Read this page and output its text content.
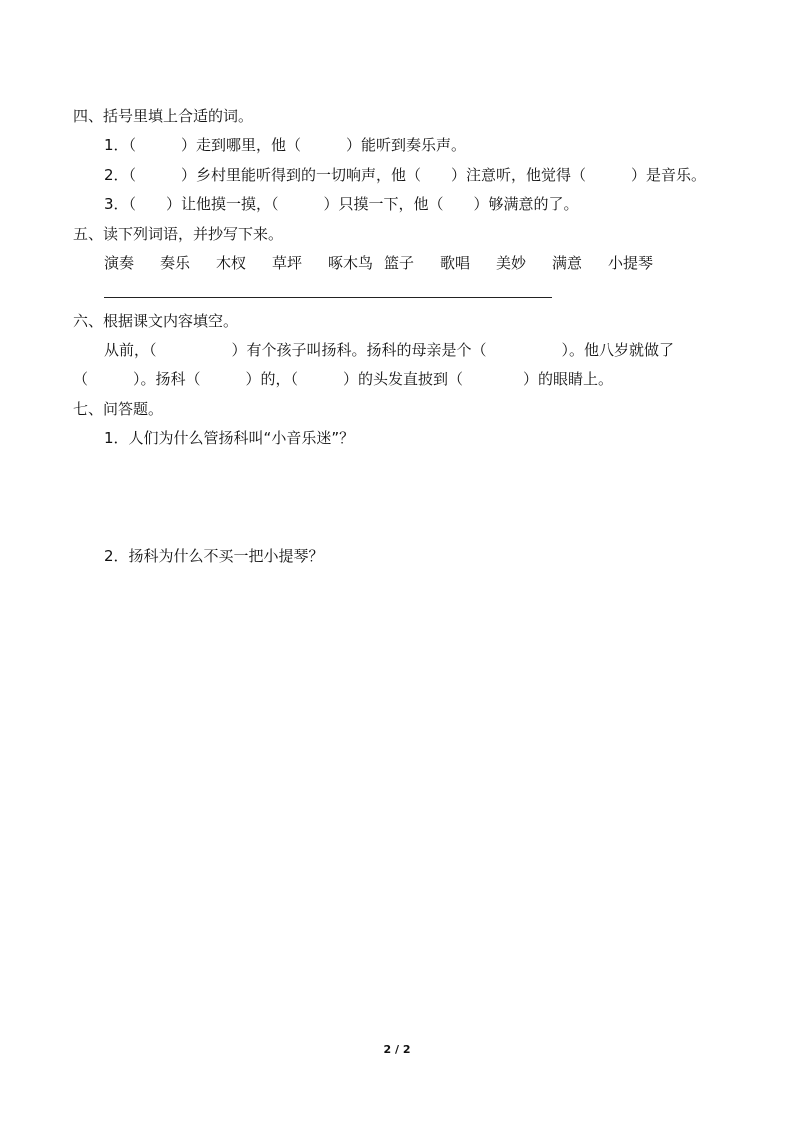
四、括号里填上合适的词。
1．（　　　）走到哪里，他（　　　）能听到奏乐声。
2．（　　　）乡村里能听得到的一切响声，他（　　）注意听，他觉得（　　　）是音乐。
3．（　　）让他摸一摸，（　　　）只摸一下，他（　　）够满意的了。
五、读下列词语，并抄写下来。
演奏 奏乐 木杈 草坪 啄木鸟 篮子 歌唱 美妙 满意 小提琴
六、根据课文内容填空。
从前，（　　　　　）有个孩子叫扬科。扬科的母亲是个（　　　　　）。他八岁就做了
（　　　）。扬科（　　　）的，（　　　）的头发直披到（　　　　）的眼睛上。
七、问答题。
1．人们为什么管扬科叫“小音乐迷”？
2．扬科为什么不买一把小提琴？
2 / 2
